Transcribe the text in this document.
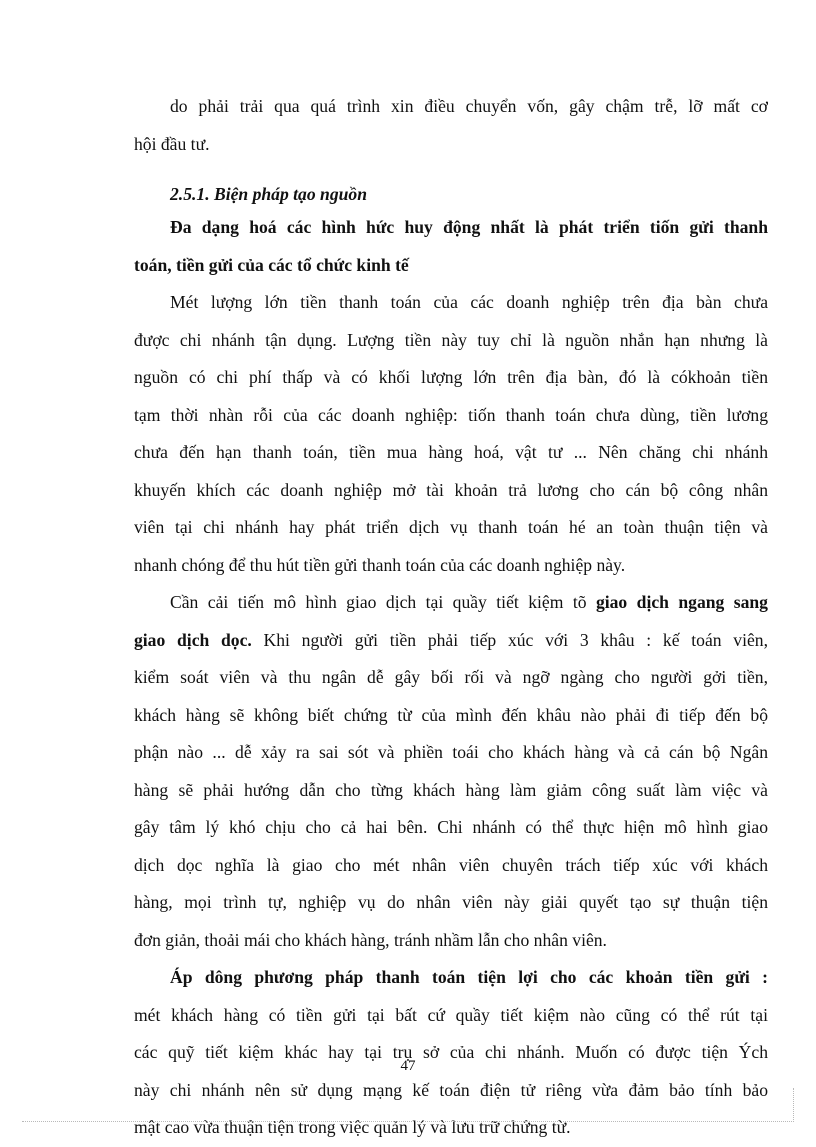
do phải trải qua quá trình xin điều chuyển vốn, gây chậm trễ, lỡ mất cơ
hội đầu tư.
2.5.1. Biện pháp tạo nguồn
Đa dạng hoá các hình hức huy động nhất là phát triển tiốn gửi thanh
toán, tiền gửi của các tổ chức kinh tế
Mét lượng lớn tiền thanh toán của các doanh nghiệp trên địa bàn chưa
được chi nhánh tận dụng. Lượng tiền này tuy chỉ là nguồn nhắn hạn nhưng là
nguồn có chi phí thấp và có khối lượng lớn trên địa bàn, đó là cókhoản tiền
tạm thời nhàn rỗi của các doanh nghiệp: tiốn thanh toán chưa dùng, tiền lương
chưa đến hạn thanh toán, tiền mua hàng hoá, vật tư ... Nên chăng chi nhánh
khuyến khích các doanh nghiệp mở tài khoản trả lương cho cán bộ công nhân
viên tại chi nhánh hay phát triển dịch vụ thanh toán hé an toàn thuận tiện và
nhanh chóng để thu hút tiền gửi thanh toán của các doanh nghiệp này.
Cần cải tiến mô hình giao dịch tại quầy tiết kiệm tõ giao dịch ngang sang
giao dịch dọc. Khi người gửi tiền phải tiếp xúc với 3 khâu : kế toán viên,
kiểm soát viên và thu ngân dễ gây bối rối và ngỡ ngàng cho người gởi tiền,
khách hàng sẽ không biết chứng từ của mình đến khâu nào phải đi tiếp đến bộ
phận nào ... dễ xảy ra sai sót và phiền toái cho khách hàng và cả cán bộ Ngân
hàng sẽ phải hướng dẫn cho từng khách hàng làm giảm công suất làm việc và
gây tâm lý khó chịu cho cả hai bên. Chi nhánh có thể thực hiện mô hình giao
dịch dọc nghĩa là giao cho mét nhân viên chuyên trách tiếp xúc với khách
hàng, mọi trình tự, nghiệp vụ do nhân viên này giải quyết tạo sự thuận tiện
đơn giản, thoải mái cho khách hàng, tránh nhầm lẫn cho nhân viên.
Áp dông phương pháp thanh toán tiện lợi cho các khoản tiền gửi :
mét khách hàng có tiền gửi tại bất cứ quầy tiết kiệm nào cũng có thể rút tại
các quỹ tiết kiệm khác hay tại trụ sở của chi nhánh. Muốn có được tiện Ých
này chi nhánh nên sử dụng mạng kế toán điện tử riêng vừa đảm bảo tính bảo
mật cao vừa thuận tiện trong việc quản lý và lưu trữ chứng từ.
47
